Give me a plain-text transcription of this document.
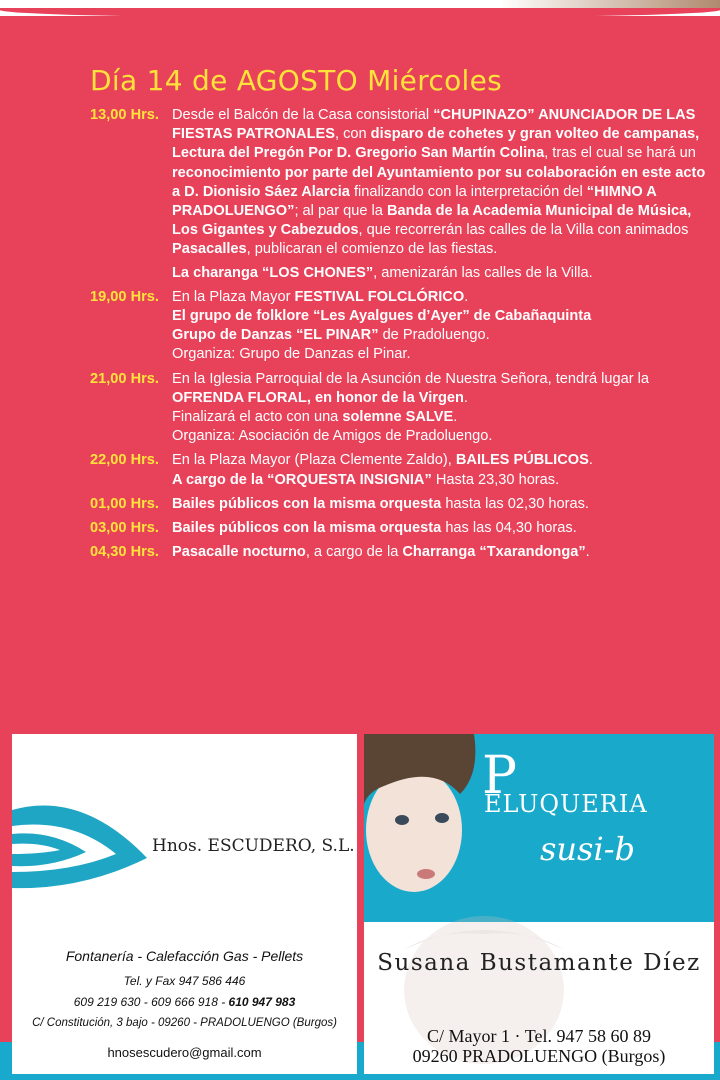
Día 14 de AGOSTO Miércoles
13,00 Hrs. Desde el Balcón de la Casa consistorial “CHUPINAZO” ANUNCIADOR DE LAS FIESTAS PATRONALES, con disparo de cohetes y gran volteo de campanas, Lectura del Pregón Por D. Gregorio San Martín Colina, tras el cual se hará un reconocimiento por parte del Ayuntamiento por su colaboración en este acto a D. Dionisio Sáez Alarcia finalizando con la interpretación del “HIMNO A PRADOLUENGO”; al par que la Banda de la Academia Municipal de Música, Los Gigantes y Cabezudos, que recorrerán las calles de la Villa con animados Pasacalles, publicaran el comienzo de las fiestas.

La charanga “LOS CHONES”, amenizarán las calles de la Villa.

19,00 Hrs. En la Plaza Mayor FESTIVAL FOLCLÓRICO.
El grupo de folklore “Les Ayalgues d’Ayer” de Cabañaquinta
Grupo de Danzas “EL PINAR” de Pradoluengo.
Organiza: Grupo de Danzas el Pinar.

21,00 Hrs. En la Iglesia Parroquial de la Asunción de Nuestra Señora, tendrá lugar la OFRENDA FLORAL, en honor de la Virgen.
Finalizará el acto con una solemne SALVE.
Organiza: Asociación de Amigos de Pradoluengo.

22,00 Hrs. En la Plaza Mayor (Plaza Clemente Zaldo), BAILES PÚBLICOS.
A cargo de la “ORQUESTA INSIGNIA” Hasta 23,30 horas.

01,00 Hrs. Bailes públicos con la misma orquesta hasta las 02,30 horas.

03,00 Hrs. Bailes públicos con la misma orquesta has las 04,30 horas.

04,30 Hrs. Pasacalle nocturno, a cargo de la Charranga “Txarandonga”.

Hnos. ESCUDERO, S.L.
Fontanería - Calefacción Gas - Pellets
Tel. y Fax 947 586 446
609 219 630 - 609 666 918 - 610 947 983
C/ Constitución, 3 bajo - 09260 - PRADOLUENGO (Burgos)
hnosescudero@gmail.com
P
ELUQUERIA
susi-b
Susana Bustamante Díez
C/ Mayor 1 · Tel. 947 58 60 89
09260 PRADOLUENGO (Burgos)
